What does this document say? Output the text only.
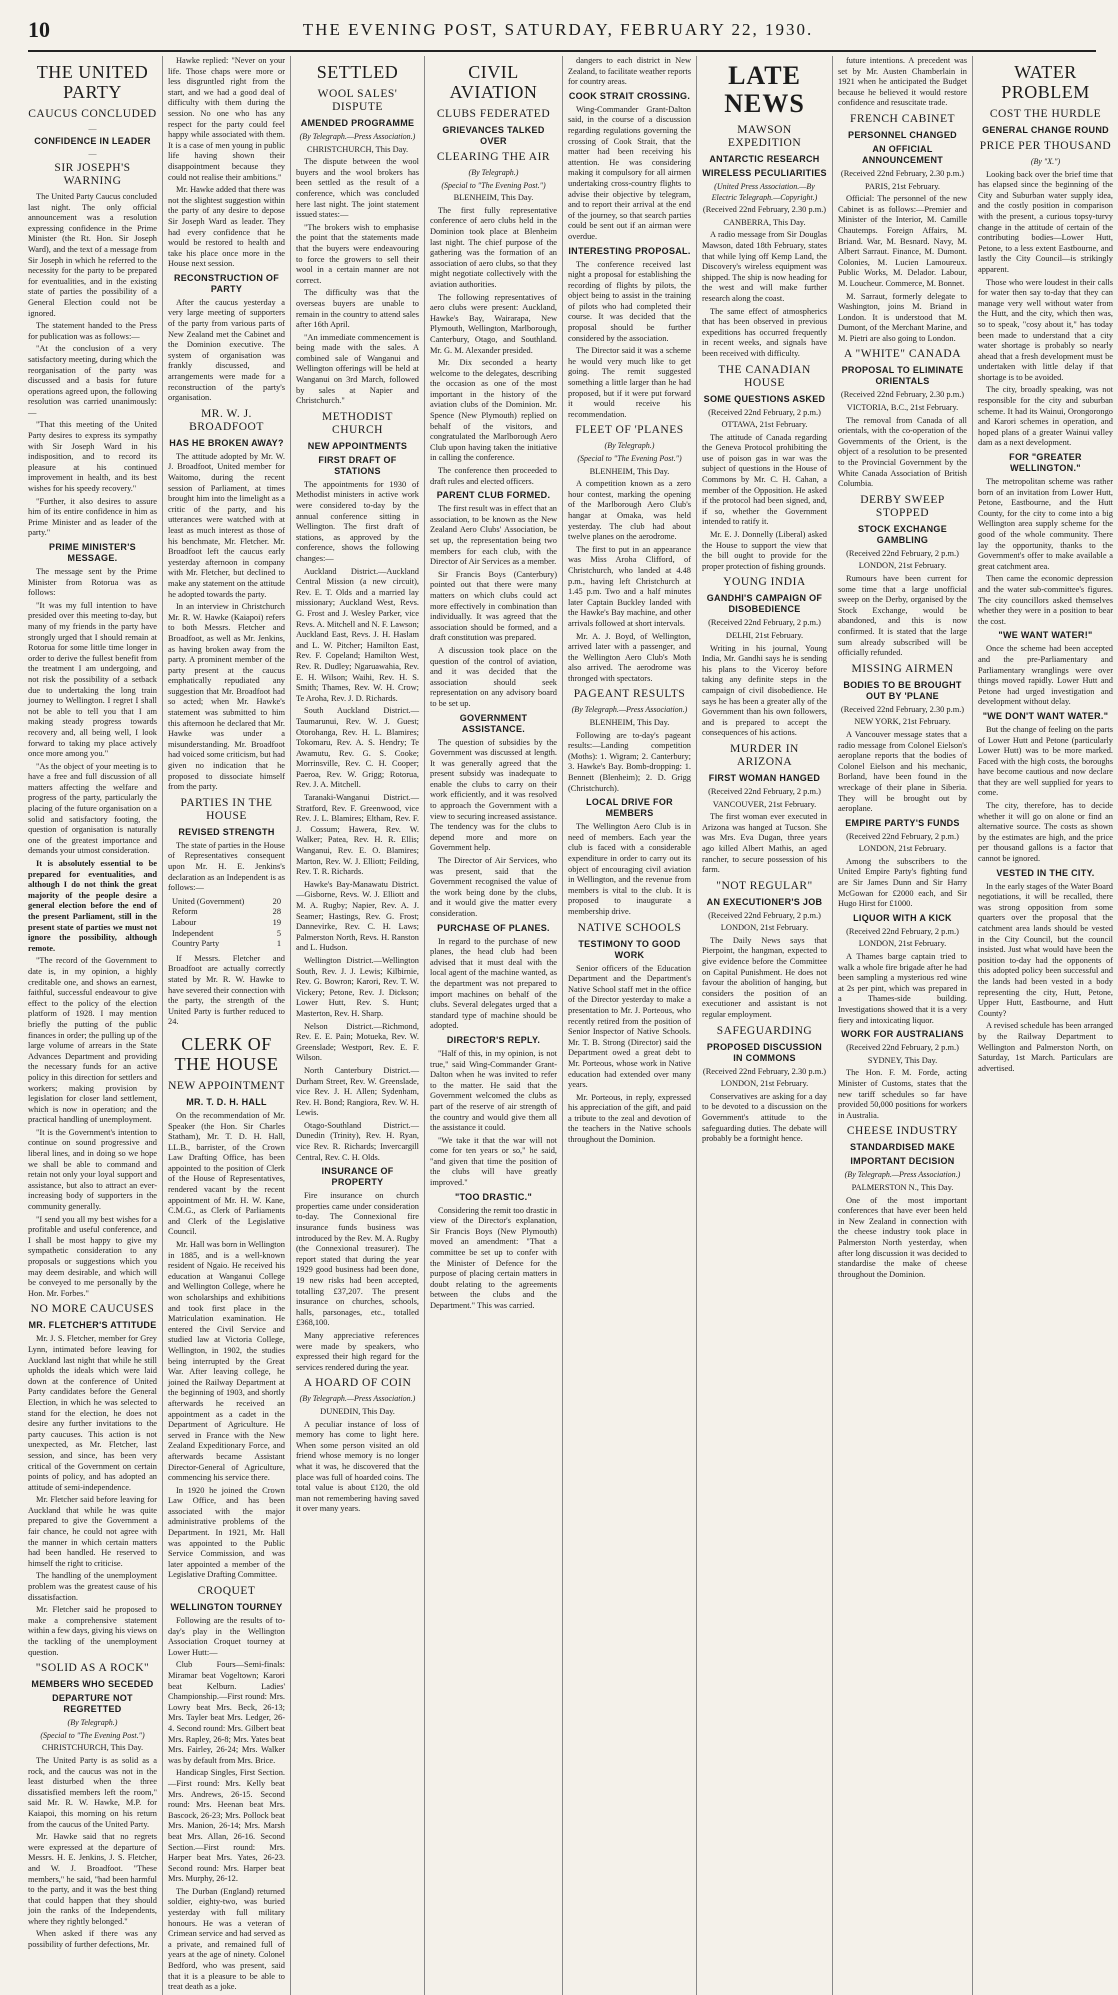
10	THE EVENING POST, SATURDAY, FEBRUARY 22, 1930.
THE UNITED PARTY
CAUCUS CONCLUDED
—
CONFIDENCE IN LEADER
—
SIR JOSEPH'S WARNING

The United Party Caucus concluded last night. The only official announcement was a resolution expressing confidence in the Prime Minister (the Rt. Hon. Sir Joseph Ward), and the text of a message from Sir Joseph in which he referred to the necessity for the party to be prepared for eventualities, and in the existing state of parties the possibility of a General Election could not be ignored.

The statement handed to the Press for publication was as follows:—

"At the conclusion of a very satisfactory meeting, during which the reorganisation of the party was discussed and a basis for future operations agreed upon, the following resolution was carried unanimously:—

"That this meeting of the United Party desires to express its sympathy with Sir Joseph Ward in his indisposition, and to record its pleasure at his continued improvement in health, and its best wishes for his speedy recovery."

"Further, it also desires to assure him of its entire confidence in him as Prime Minister and as leader of the party."

PRIME MINISTER'S MESSAGE.

The message sent by the Prime Minister from Rotorua was as follows:

"It was my full intention to have presided over this meeting to-day, but many of my friends in the party have strongly urged that I should remain at Rotorua for some little time longer in order to derive the fullest benefit from the treatment I am undergoing, and not risk the possibility of a setback due to undertaking the long train journey to Wellington. I regret I shall not be able to tell you that I am making steady progress towards recovery and, all being well, I look forward to taking my place actively once more among you."

"As the object of your meeting is to have a free and full discussion of all matters affecting the welfare and progress of the party, particularly the placing of the future organisation on a solid and satisfactory footing, the question of organisation is naturally one of the greatest importance and demands your utmost consideration.

It is absolutely essential to be prepared for eventualities, and although I do not think the great majority of the people desire a general election before the end of the present Parliament, still in the present state of parties we must not ignore the possibility, although remote.

"The record of the Government to date is, in my opinion, a highly creditable one, and shows an earnest, faithful, successful endeavour to give effect to the policy of the election platform of 1928. I may mention briefly the putting of the public finances in order; the pulling up of the large volume of arrears in the State Advances Department and providing the necessary funds for an active policy in this direction for settlers and workers; making provision by legislation for closer land settlement, which is now in operation; and the practical handling of unemployment.

"It is the Government's intention to continue on sound progressive and liberal lines, and in doing so we hope we shall be able to command and retain not only your loyal support and assistance, but also to attract an ever-increasing body of supporters in the community generally.

"I send you all my best wishes for a profitable and useful conference, and I shall be most happy to give my sympathetic consideration to any proposals or suggestions which you may deem desirable, and which will be conveyed to me personally by the Hon. Mr. Forbes."

NO MORE CAUCUSES
MR. FLETCHER'S ATTITUDE

Mr. J. S. Fletcher, member for Grey Lynn, intimated before leaving for Auckland last night that while he still upholds the ideals which were laid down at the conference of United Party candidates before the General Election, in which he was selected to stand for the election, he does not desire any further invitations to the party caucuses. This action is not unexpected, as Mr. Fletcher, last session, and since, has been very critical of the Government on certain points of policy, and has adopted an attitude of semi-independence.

Mr. Fletcher said before leaving for Auckland that while he was quite prepared to give the Government a fair chance, he could not agree with the manner in which certain matters had been handled. He reserved to himself the right to criticise.

The handling of the unemployment problem was the greatest cause of his dissatisfaction.

Mr. Fletcher said he proposed to make a comprehensive statement within a few days, giving his views on the tackling of the unemployment question.

"SOLID AS A ROCK"
MEMBERS WHO SECEDED
DEPARTURE NOT REGRETTED
(By Telegraph.)
(Special to "The Evening Post.")

CHRISTCHURCH, This Day.

The United Party is as solid as a rock, and the caucus was not in the least disturbed when the three dissatisfied members left the room," said Mr. R. W. Hawke, M.P. for Kaiapoi, this morning on his return from the caucus of the United Party.

Mr. Hawke said that no regrets were expressed at the departure of Messrs. H. E. Jenkins, J. S. Fletcher, and W. J. Broadfoot. "These members," he said, "had been harmful to the party, and it was the best thing that could happen that they should join the ranks of the Independents, where they rightly belonged."

When asked if there was any possibility of further defections, Mr.

Hawke replied: "Never on your life. Those chaps were more or less disgruntled right from the start, and we had a good deal of difficulty with them during the session. No one who has any respect for the party could feel happy while associated with them. It is a case of men young in public life having shown their disappointment because they could not realise their ambitions."

Mr. Hawke added that there was not the slightest suggestion within the party of any desire to depose Sir Joseph Ward as leader. They had every confidence that he would be restored to health and take his place once more in the House next session.

RECONSTRUCTION OF PARTY

After the caucus yesterday a very large meeting of supporters of the party from various parts of New Zealand met the Cabinet and the Dominion executive. The system of organisation was frankly discussed, and arrangements were made for a reconstruction of the party's organisation.

MR. W. J. BROADFOOT
HAS HE BROKEN AWAY?

The attitude adopted by Mr. W. J. Broadfoot, United member for Waitomo, during the recent session of Parliament, at times brought him into the limelight as a critic of the party, and his utterances were watched with at least as much interest as those of his benchmate, Mr. Fletcher. Mr. Broadfoot left the caucus early yesterday afternoon in company with Mr. Fletcher, but declined to make any statement on the attitude he adopted towards the party.

In an interview in Christchurch Mr. R. W. Hawke (Kaiapoi) refers to both Messrs. Fletcher and Broadfoot, as well as Mr. Jenkins, as having broken away from the party. A prominent member of the party present at the caucus emphatically repudiated any suggestion that Mr. Broadfoot had so acted; when Mr. Hawke's statement was submitted to him this afternoon he declared that Mr. Hawke was under a misunderstanding. Mr. Broadfoot had voiced some criticism, but had given no indication that he proposed to dissociate himself from the party.

PARTIES IN THE HOUSE
REVISED STRENGTH

The state of parties in the House of Representatives consequent upon Mr. H. E. Jenkins's declaration as an Independent is as follows:—

United (Government)	20
Reform	28
Labour	19
Independent	5
Country Party	1

If Messrs. Fletcher and Broadfoot are actually correctly stated by Mr. R. W. Hawke to have severed their connection with the party, the strength of the United Party is further reduced to 24.

CLERK OF THE HOUSE
NEW APPOINTMENT
MR. T. D. H. HALL

On the recommendation of Mr. Speaker (the Hon. Sir Charles Statham), Mr. T. D. H. Hall, LL.B., barrister, of the Crown Law Drafting Office, has been appointed to the position of Clerk of the House of Representatives, rendered vacant by the recent appointment of Mr. H. W. Kane, C.M.G., as Clerk of Parliaments and Clerk of the Legislative Council.

Mr. Hall was born in Wellington in 1885, and is a well-known resident of Ngaio. He received his education at Wanganui College and Wellington College, where he won scholarships and exhibitions and took first place in the Matriculation examination. He entered the Civil Service and studied law at Victoria College, Wellington, in 1902, the studies being interrupted by the Great War. After leaving college, he joined the Railway Department at the beginning of 1903, and shortly afterwards he received an appointment as a cadet in the Department of Agriculture. He served in France with the New Zealand Expeditionary Force, and afterwards became Assistant Director-General of Agriculture, commencing his service there.

In 1920 he joined the Crown Law Office, and has been associated with the major administrative problems of the Department. In 1921, Mr. Hall was appointed to the Public Service Commission, and was later appointed a member of the Legislative Drafting Committee.

CROQUET
WELLINGTON TOURNEY

Following are the results of to-day's play in the Wellington Association Croquet tourney at Lower Hutt:—

Club Fours—Semi-finals: Miramar beat Vogeltown; Karori beat Kelburn. Ladies' Championship.—First round: Mrs. Lowry beat Mrs. Beck, 26-13; Mrs. Tayler beat Mrs. Ledger, 26-4. Second round: Mrs. Gilbert beat Mrs. Rapley, 26-8; Mrs. Yates beat Mrs. Fairley, 26-24; Mrs. Walker was by default from Mrs. Brice.

Handicap Singles, First Section.—First round: Mrs. Kelly beat Mrs. Andrews, 26-15. Second round: Mrs. Heenan beat Mrs. Bascock, 26-23; Mrs. Pollock beat Mrs. Manion, 26-14; Mrs. Marsh beat Mrs. Allan, 26-16. Second Section.—First round: Mrs. Harper beat Mrs. Yates, 26-23. Second round: Mrs. Harper beat Mrs. Murphy, 26-12.

The Durban (England) returned soldier, eighty-two, was buried yesterday with full military honours. He was a veteran of Crimean service and had served as a private, and remained full of years at the age of ninety. Colonel Bedford, who was present, said that it is a pleasure to be able to treat death as a joke.

SETTLED
WOOL SALES' DISPUTE
AMENDED PROGRAMME
(By Telegraph.—Press Association.)

CHRISTCHURCH, This Day.

The dispute between the wool buyers and the wool brokers has been settled as the result of a conference, which was concluded here last night. The joint statement issued states:—

"The brokers wish to emphasise the point that the statements made that the buyers were endeavouring to force the growers to sell their wool in a certain manner are not correct.

The difficulty was that the overseas buyers are unable to remain in the country to attend sales after 16th April.

"An immediate commencement is being made with the sales. A combined sale of Wanganui and Wellington offerings will be held at Wanganui on 3rd March, followed by sales at Napier and Christchurch."

METHODIST CHURCH
NEW APPOINTMENTS
FIRST DRAFT OF STATIONS

The appointments for 1930 of Methodist ministers in active work were considered to-day by the annual conference sitting in Wellington. The first draft of stations, as approved by the conference, shows the following changes:—

Auckland District.—Auckland Central Mission (a new circuit), Rev. E. T. Olds and a married lay missionary; Auckland West, Revs. G. Frost and J. Wesley Parker, vice Revs. A. Mitchell and N. F. Lawson; Auckland East, Revs. J. H. Haslam and L. W. Pitcher; Hamilton East, Rev. F. Copeland; Hamilton West, Rev. R. Dudley; Ngaruawahia, Rev. E. H. Wilson; Waihi, Rev. H. S. Smith; Thames, Rev. W. H. Crow; Te Aroha, Rev. J. D. Richards.

South Auckland District.—Taumarunui, Rev. W. J. Guest; Otorohanga, Rev. H. L. Blamires; Tokomaru, Rev. A. S. Hendry; Te Awamutu, Rev. G. S. Cooke; Morrinsville, Rev. C. H. Cooper; Paeroa, Rev. W. Grigg; Rotorua, Rev. J. A. Mitchell.

Taranaki-Wanganui District.—Stratford, Rev. F. Greenwood, vice Rev. J. L. Blamires; Eltham, Rev. F. J. Cossum; Hawera, Rev. W. Walker; Patea, Rev. H. R. Ellis; Wanganui, Rev. E. O. Blamires; Marton, Rev. W. J. Elliott; Feilding, Rev. T. R. Richards.

Hawke's Bay-Manawatu District.—Gisborne, Revs. W. J. Elliott and M. A. Rugby; Napier, Rev. A. J. Seamer; Hastings, Rev. G. Frost; Dannevirke, Rev. C. H. Laws; Palmerston North, Revs. H. Ranston and L. Hudson.

Wellington District.—Wellington South, Rev. J. J. Lewis; Kilbirnie, Rev. G. Bowron; Karori, Rev. T. W. Vickery; Petone, Rev. J. Dickson; Lower Hutt, Rev. S. Hunt; Masterton, Rev. H. Sharp.

Nelson District.—Richmond, Rev. E. E. Pain; Motueka, Rev. W. Greenslade; Westport, Rev. E. F. Wilson.

North Canterbury District.—Durham Street, Rev. W. Greenslade, vice Rev. J. H. Allen; Sydenham, Rev. H. Bond; Rangiora, Rev. W. H. Lewis.

Otago-Southland District.—Dunedin (Trinity), Rev. H. Ryan, vice Rev. R. Richards; Invercargill Central, Rev. C. H. Olds.

INSURANCE OF PROPERTY

Fire insurance on church properties came under consideration to-day. The Connexional fire insurance funds business was introduced by the Rev. M. A. Rugby (the Connexional treasurer). The report stated that during the year 1929 good business had been done, 19 new risks had been accepted, totalling £37,207. The present insurance on churches, schools, halls, parsonages, etc., totalled £368,100.

Many appreciative references were made by speakers, who expressed their high regard for the services rendered during the year.

A HOARD OF COIN
(By Telegraph.—Press Association.)

DUNEDIN, This Day.

A peculiar instance of loss of memory has come to light here. When some person visited an old friend whose memory is no longer what it was, he discovered that the place was full of hoarded coins. The total value is about £120, the old man not remembering having saved it over many years.

CIVIL AVIATION
CLUBS FEDERATED
GRIEVANCES TALKED OVER
CLEARING THE AIR
(By Telegraph.)
(Special to "The Evening Post.")

BLENHEIM, This Day.

The first fully representative conference of aero clubs held in the Dominion took place at Blenheim last night. The chief purpose of the gathering was the formation of an association of aero clubs, so that they might negotiate collectively with the aviation authorities.

The following representatives of aero clubs were present: Auckland, Hawke's Bay, Wairarapa, New Plymouth, Wellington, Marlborough, Canterbury, Otago, and Southland. Mr. G. M. Alexander presided.

Mr. Dix seconded a hearty welcome to the delegates, describing the occasion as one of the most important in the history of the aviation clubs of the Dominion. Mr. Spence (New Plymouth) replied on behalf of the visitors, and congratulated the Marlborough Aero Club upon having taken the initiative in calling the conference.

The conference then proceeded to draft rules and elected officers.

PARENT CLUB FORMED.

The first result was in effect that an association, to be known as the New Zealand Aero Clubs' Association, be set up, the representation being two members for each club, with the Director of Air Services as a member.

Sir Francis Boys (Canterbury) pointed out that there were many matters on which clubs could act more effectively in combination than individually. It was agreed that the association should be formed, and a draft constitution was prepared.

A discussion took place on the question of the control of aviation, and it was decided that the association should seek representation on any advisory board to be set up.

GOVERNMENT ASSISTANCE.

The question of subsidies by the Government was discussed at length. It was generally agreed that the present subsidy was inadequate to enable the clubs to carry on their work efficiently, and it was resolved to approach the Government with a view to securing increased assistance. The tendency was for the clubs to depend more and more on Government help.

The Director of Air Services, who was present, said that the Government recognised the value of the work being done by the clubs, and it would give the matter every consideration.

PURCHASE OF PLANES.

In regard to the purchase of new planes, the head club had been advised that it must deal with the local agent of the machine wanted, as the department was not prepared to import machines on behalf of the clubs. Several delegates urged that a standard type of machine should be adopted.

DIRECTOR'S REPLY.

"Half of this, in my opinion, is not true," said Wing-Commander Grant-Dalton when he was invited to refer to the matter. He said that the Government welcomed the clubs as part of the reserve of air strength of the country and would give them all the assistance it could.

"We take it that the war will not come for ten years or so," he said, "and given that time the position of the clubs will have greatly improved."

"TOO DRASTIC."

Considering the remit too drastic in view of the Director's explanation, Sir Francis Boys (New Plymouth) moved an amendment: "That a committee be set up to confer with the Minister of Defence for the purpose of placing certain matters in doubt relating to the agreements between the clubs and the Department." This was carried.

dangers to each district in New Zealand, to facilitate weather reports for country areas.

COOK STRAIT CROSSING.

Wing-Commander Grant-Dalton said, in the course of a discussion regarding regulations governing the crossing of Cook Strait, that the matter had been receiving his attention. He was considering making it compulsory for all airmen undertaking cross-country flights to advise their objective by telegram, and to report their arrival at the end of the journey, so that search parties could be sent out if an airman were overdue.

INTERESTING PROPOSAL.

The conference received last night a proposal for establishing the recording of flights by pilots, the object being to assist in the training of pilots who had completed their course. It was decided that the proposal should be further considered by the association.

The Director said it was a scheme he would very much like to get going. The remit suggested something a little larger than he had proposed, but if it were put forward it would receive his recommendation.

FLEET OF 'PLANES
(By Telegraph.)
(Special to "The Evening Post.")

BLENHEIM, This Day.

A competition known as a zero hour contest, marking the opening of the Marlborough Aero Club's hangar at Omaka, was held yesterday. The club had about twelve planes on the aerodrome.

The first to put in an appearance was Miss Aroha Clifford, of Christchurch, who landed at 4.48 p.m., having left Christchurch at 1.45 p.m. Two and a half minutes later Captain Buckley landed with the Hawke's Bay machine, and other arrivals followed at short intervals.

Mr. A. J. Boyd, of Wellington, arrived later with a passenger, and the Wellington Aero Club's Moth also arrived. The aerodrome was thronged with spectators.

PAGEANT RESULTS
(By Telegraph.—Press Association.)

BLENHEIM, This Day.

Following are to-day's pageant results:—Landing competition (Moths): 1. Wigram; 2. Canterbury; 3. Hawke's Bay. Bomb-dropping: 1. Bennett (Blenheim); 2. D. Grigg (Christchurch).

LOCAL DRIVE FOR MEMBERS

The Wellington Aero Club is in need of members. Each year the club is faced with a considerable expenditure in order to carry out its object of encouraging civil aviation in Wellington, and the revenue from members is vital to the club. It is proposed to inaugurate a membership drive.

NATIVE SCHOOLS
TESTIMONY TO GOOD WORK

Senior officers of the Education Department and the Department's Native School staff met in the office of the Director yesterday to make a presentation to Mr. J. Porteous, who recently retired from the position of Senior Inspector of Native Schools. Mr. T. B. Strong (Director) said the Department owed a great debt to Mr. Porteous, whose work in Native education had extended over many years.

Mr. Porteous, in reply, expressed his appreciation of the gift, and paid a tribute to the zeal and devotion of the teachers in the Native schools throughout the Dominion.

LATE NEWS
MAWSON EXPEDITION
ANTARCTIC RESEARCH
WIRELESS PECULIARITIES
(United Press Association.—By Electric Telegraph.—Copyright.)

(Received 22nd February, 2.30 p.m.)

CANBERRA, This Day.

A radio message from Sir Douglas Mawson, dated 18th February, states that while lying off Kemp Land, the Discovery's wireless equipment was shipped. The ship is now heading for the west and will make further research along the coast.

The same effect of atmospherics that has been observed in previous expeditions has occurred frequently in recent weeks, and signals have been received with difficulty.

THE CANADIAN HOUSE
SOME QUESTIONS ASKED

(Received 22nd February, 2 p.m.)

OTTAWA, 21st February.

The attitude of Canada regarding the Geneva Protocol prohibiting the use of poison gas in war was the subject of questions in the House of Commons by Mr. C. H. Cahan, a member of the Opposition. He asked if the protocol had been signed, and, if so, whether the Government intended to ratify it.

Mr. E. J. Donnelly (Liberal) asked the House to support the view that the bill ought to provide for the proper protection of fishing grounds.

YOUNG INDIA
GANDHI'S CAMPAIGN OF DISOBEDIENCE

(Received 22nd February, 2 p.m.)

DELHI, 21st February.

Writing in his journal, Young India, Mr. Gandhi says he is sending his plans to the Viceroy before taking any definite steps in the campaign of civil disobedience. He says he has been a greater ally of the Government than his own followers, and is prepared to accept the consequences of his actions.

MURDER IN ARIZONA
FIRST WOMAN HANGED

(Received 22nd February, 2 p.m.)

VANCOUVER, 21st February.

The first woman ever executed in Arizona was hanged at Tucson. She was Mrs. Eva Dugan, three years ago killed Albert Mathis, an aged rancher, to secure possession of his farm.

"NOT REGULAR"
AN EXECUTIONER'S JOB

(Received 22nd February, 2 p.m.)

LONDON, 21st February.

The Daily News says that Pierpoint, the hangman, expected to give evidence before the Committee on Capital Punishment. He does not favour the abolition of hanging, but considers the position of an executioner and assistant is not regular employment.

SAFEGUARDING
PROPOSED DISCUSSION IN COMMONS

(Received 22nd February, 2.30 p.m.)

LONDON, 21st February.

Conservatives are asking for a day to be devoted to a discussion on the Government's attitude to the safeguarding duties. The debate will probably be a fortnight hence.

future intentions. A precedent was set by Mr. Austen Chamberlain in 1921 when he anticipated the Budget because he believed it would restore confidence and resuscitate trade.

FRENCH CABINET
PERSONNEL CHANGED
AN OFFICIAL ANNOUNCEMENT

(Received 22nd February, 2.30 p.m.)

PARIS, 21st February.

Official: The personnel of the new Cabinet is as follows:—Premier and Minister of the Interior, M. Camille Chautemps. Foreign Affairs, M. Briand. War, M. Besnard. Navy, M. Albert Sarraut. Finance, M. Dumont. Colonies, M. Lucien Lamoureux. Public Works, M. Delador. Labour, M. Loucheur. Commerce, M. Bonnet.

M. Sarraut, formerly delegate to Washington, joins M. Briand in London. It is understood that M. Dumont, of the Merchant Marine, and M. Pietri are also going to London.

A "WHITE" CANADA
PROPOSAL TO ELIMINATE ORIENTALS

(Received 22nd February, 2.30 p.m.)

VICTORIA, B.C., 21st February.

The removal from Canada of all orientals, with the co-operation of the Governments of the Orient, is the object of a resolution to be presented to the Provincial Government by the White Canada Association of British Columbia.

DERBY SWEEP STOPPED
STOCK EXCHANGE GAMBLING

(Received 22nd February, 2 p.m.)

LONDON, 21st February.

Rumours have been current for some time that a large unofficial sweep on the Derby, organised by the Stock Exchange, would be abandoned, and this is now confirmed. It is stated that the large sum already subscribed will be officially refunded.

MISSING AIRMEN
BODIES TO BE BROUGHT OUT BY 'PLANE

(Received 22nd February, 2.30 p.m.)

NEW YORK, 21st February.

A Vancouver message states that a radio message from Colonel Eielson's aeroplane reports that the bodies of Colonel Eielson and his mechanic, Borland, have been found in the wreckage of their plane in Siberia. They will be brought out by aeroplane.

EMPIRE PARTY'S FUNDS

(Received 22nd February, 2 p.m.)

LONDON, 21st February.

Among the subscribers to the United Empire Party's fighting fund are Sir James Dunn and Sir Harry McGowan for £2000 each, and Sir Hugo Hirst for £1000.

LIQUOR WITH A KICK

(Received 22nd February, 2 p.m.)

LONDON, 21st February.

A Thames barge captain tried to walk a whole fire brigade after he had been sampling a mysterious red wine at 2s per pint, which was prepared in a Thames-side building. Investigations showed that it is a very fiery and intoxicating liquor.

WORK FOR AUSTRALIANS

(Received 22nd February, 2 p.m.)

SYDNEY, This Day.

The Hon. F. M. Forde, acting Minister of Customs, states that the new tariff schedules so far have provided 50,000 positions for workers in Australia.

CHEESE INDUSTRY
STANDARDISED MAKE
IMPORTANT DECISION
(By Telegraph.—Press Association.)

PALMERSTON N., This Day.

One of the most important conferences that have ever been held in New Zealand in connection with the cheese industry took place in Palmerston North yesterday, when after long discussion it was decided to standardise the make of cheese throughout the Dominion.

WATER PROBLEM
COST THE HURDLE
GENERAL CHANGE ROUND
PRICE PER THOUSAND
(By "X.")

Looking back over the brief time that has elapsed since the beginning of the City and Suburban water supply idea, and the costly position in comparison with the present, a curious topsy-turvy change in the attitude of certain of the contributing bodies—Lower Hutt, Petone, to a less extent Eastbourne, and lastly the City Council—is strikingly apparent.

Those who were loudest in their calls for water then say to-day that they can manage very well without water from the Hutt, and the city, which then was, so to speak, "cosy about it," has today been made to understand that a city water shortage is probably so nearly ahead that a fresh development must be undertaken with little delay if that shortage is to be avoided.

The city, broadly speaking, was not responsible for the city and suburban scheme. It had its Wainui, Orongorongo and Karori schemes in operation, and hoped plans of a greater Wainui valley dam as a next development.

FOR "GREATER WELLINGTON."

The metropolitan scheme was rather born of an invitation from Lower Hutt, Petone, Eastbourne, and the Hutt County, for the city to come into a big Wellington area supply scheme for the good of the whole community. There lay the opportunity, thanks to the Government's offer to make available a great catchment area.

Then came the economic depression and the water sub-committee's figures. The city councillors asked themselves whether they were in a position to bear the cost.

"WE WANT WATER!"

Once the scheme had been accepted and the pre-Parliamentary and Parliamentary wranglings were over things moved rapidly. Lower Hutt and Petone had urged investigation and development without delay.

"WE DON'T WANT WATER."

But the change of feeling on the parts of Lower Hutt and Petone (particularly Lower Hutt) was to be more marked. Faced with the high costs, the boroughs have become cautious and now declare that they are well supplied for years to come.

The city, therefore, has to decide whether it will go on alone or find an alternative source. The costs as shown by the estimates are high, and the price per thousand gallons is a factor that cannot be ignored.

VESTED IN THE CITY.

In the early stages of the Water Board negotiations, it will be recalled, there was strong opposition from some quarters over the proposal that the catchment area lands should be vested in the City Council, but the council insisted. Just what would have been the position to-day had the opponents of this adopted policy been successful and the lands had been vested in a body representing the city, Hutt, Petone, Upper Hutt, Eastbourne, and Hutt County?

A revised schedule has been arranged by the Railway Department to Wellington and Palmerston North, on Saturday, 1st March. Particulars are advertised.
